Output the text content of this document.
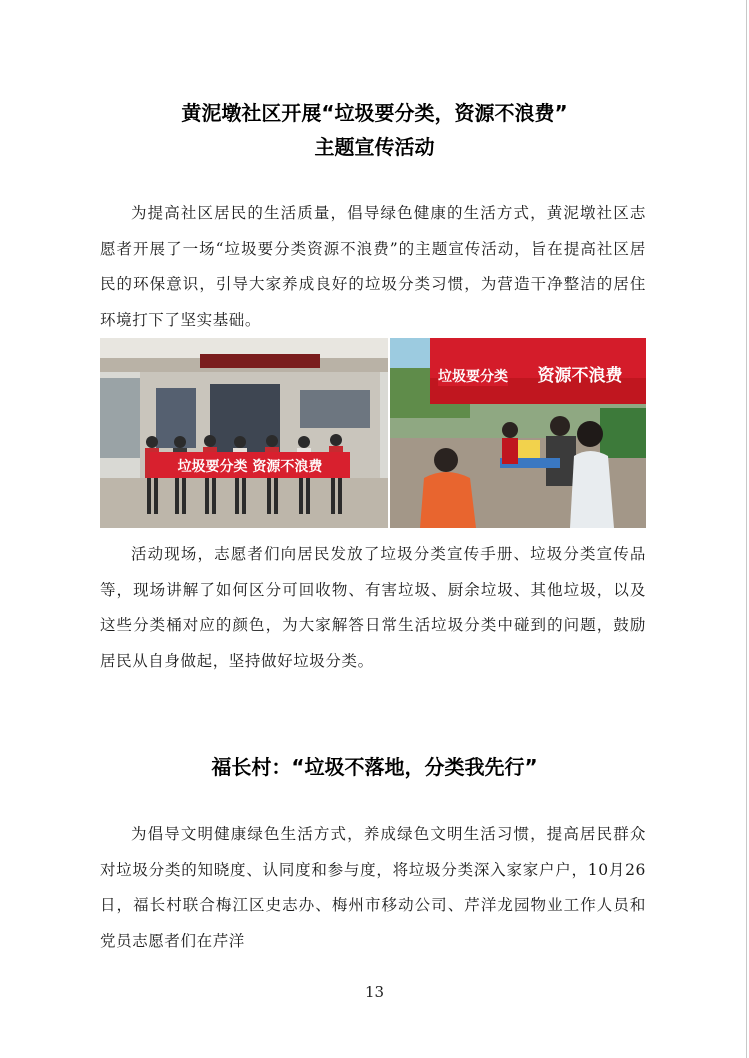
黄泥墩社区开展“垃圾要分类，资源不浪费”
主题宣传活动

为提高社区居民的生活质量，倡导绿色健康的生活方式，黄泥墩社区志愿者开展了一场“垃圾要分类资源不浪费”的主题宣传活动，旨在提高社区居民的环保意识，引导大家养成良好的垃圾分类习惯，为营造干净整洁的居住环境打下了坚实基础。

垃圾要分类 资源不浪费
垃圾要分类 资源不浪费

活动现场，志愿者们向居民发放了垃圾分类宣传手册、垃圾分类宣传品等，现场讲解了如何区分可回收物、有害垃圾、厨余垃圾、其他垃圾，以及这些分类桶对应的颜色，为大家解答日常生活垃圾分类中碰到的问题，鼓励居民从自身做起，坚持做好垃圾分类。

福长村：“垃圾不落地，分类我先行”

为倡导文明健康绿色生活方式，养成绿色文明生活习惯，提高居民群众对垃圾分类的知晓度、认同度和参与度，将垃圾分类深入家家户户，10月26日，福长村联合梅江区史志办、梅州市移动公司、芹洋龙园物业工作人员和党员志愿者们在芹洋

13
